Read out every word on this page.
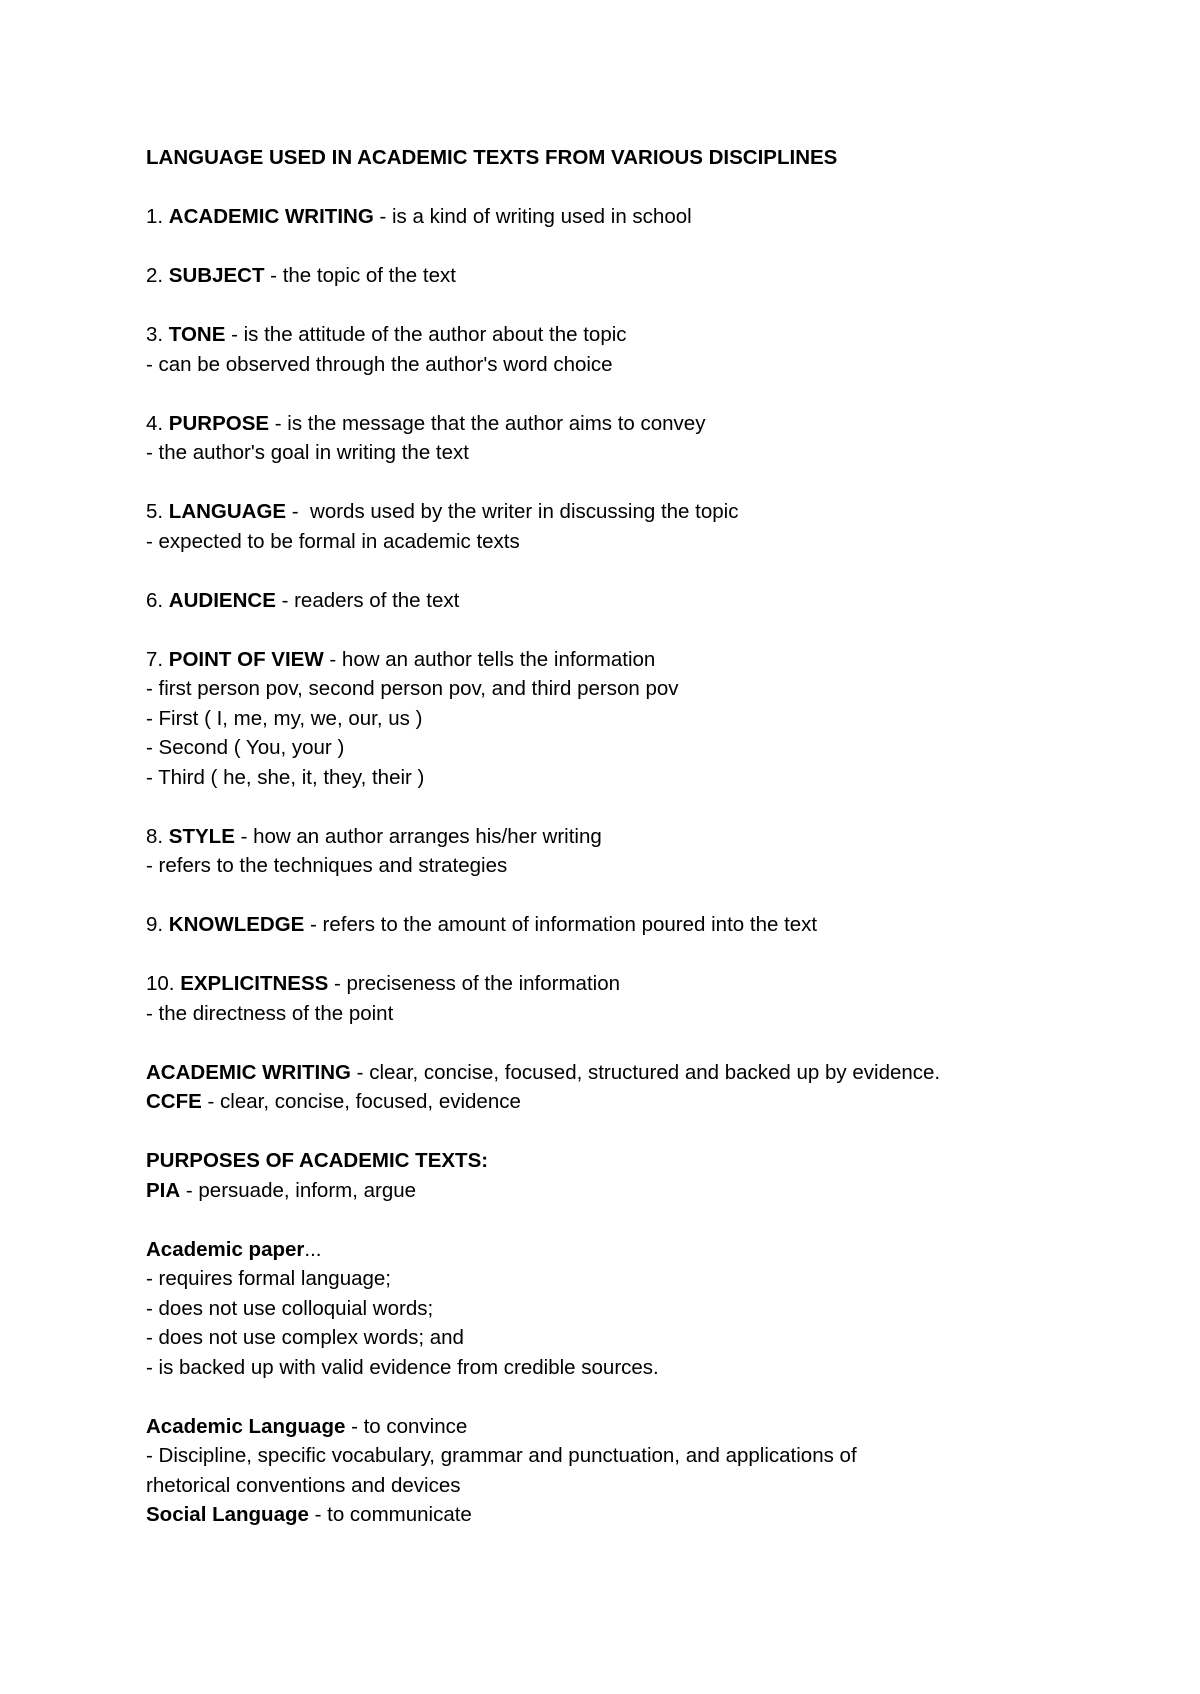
LANGUAGE USED IN ACADEMIC TEXTS FROM VARIOUS DISCIPLINES
1. ACADEMIC WRITING - is a kind of writing used in school
2. SUBJECT - the topic of the text
3. TONE - is the attitude of the author about the topic
- can be observed through the author's word choice
4. PURPOSE - is the message that the author aims to convey
- the author's goal in writing the text
5. LANGUAGE -  words used by the writer in discussing the topic
- expected to be formal in academic texts
6. AUDIENCE - readers of the text
7. POINT OF VIEW - how an author tells the information
- first person pov, second person pov, and third person pov
- First ( I, me, my, we, our, us )
- Second ( You, your )
- Third ( he, she, it, they, their )
8. STYLE - how an author arranges his/her writing
- refers to the techniques and strategies
9. KNOWLEDGE - refers to the amount of information poured into the text
10. EXPLICITNESS - preciseness of the information
- the directness of the point
ACADEMIC WRITING - clear, concise, focused, structured and backed up by evidence.
CCFE - clear, concise, focused, evidence
PURPOSES OF ACADEMIC TEXTS:
PIA - persuade, inform, argue
Academic paper...
- requires formal language;
- does not use colloquial words;
- does not use complex words; and
- is backed up with valid evidence from credible sources.
Academic Language - to convince
- Discipline, specific vocabulary, grammar and punctuation, and applications of
rhetorical conventions and devices
Social Language - to communicate
